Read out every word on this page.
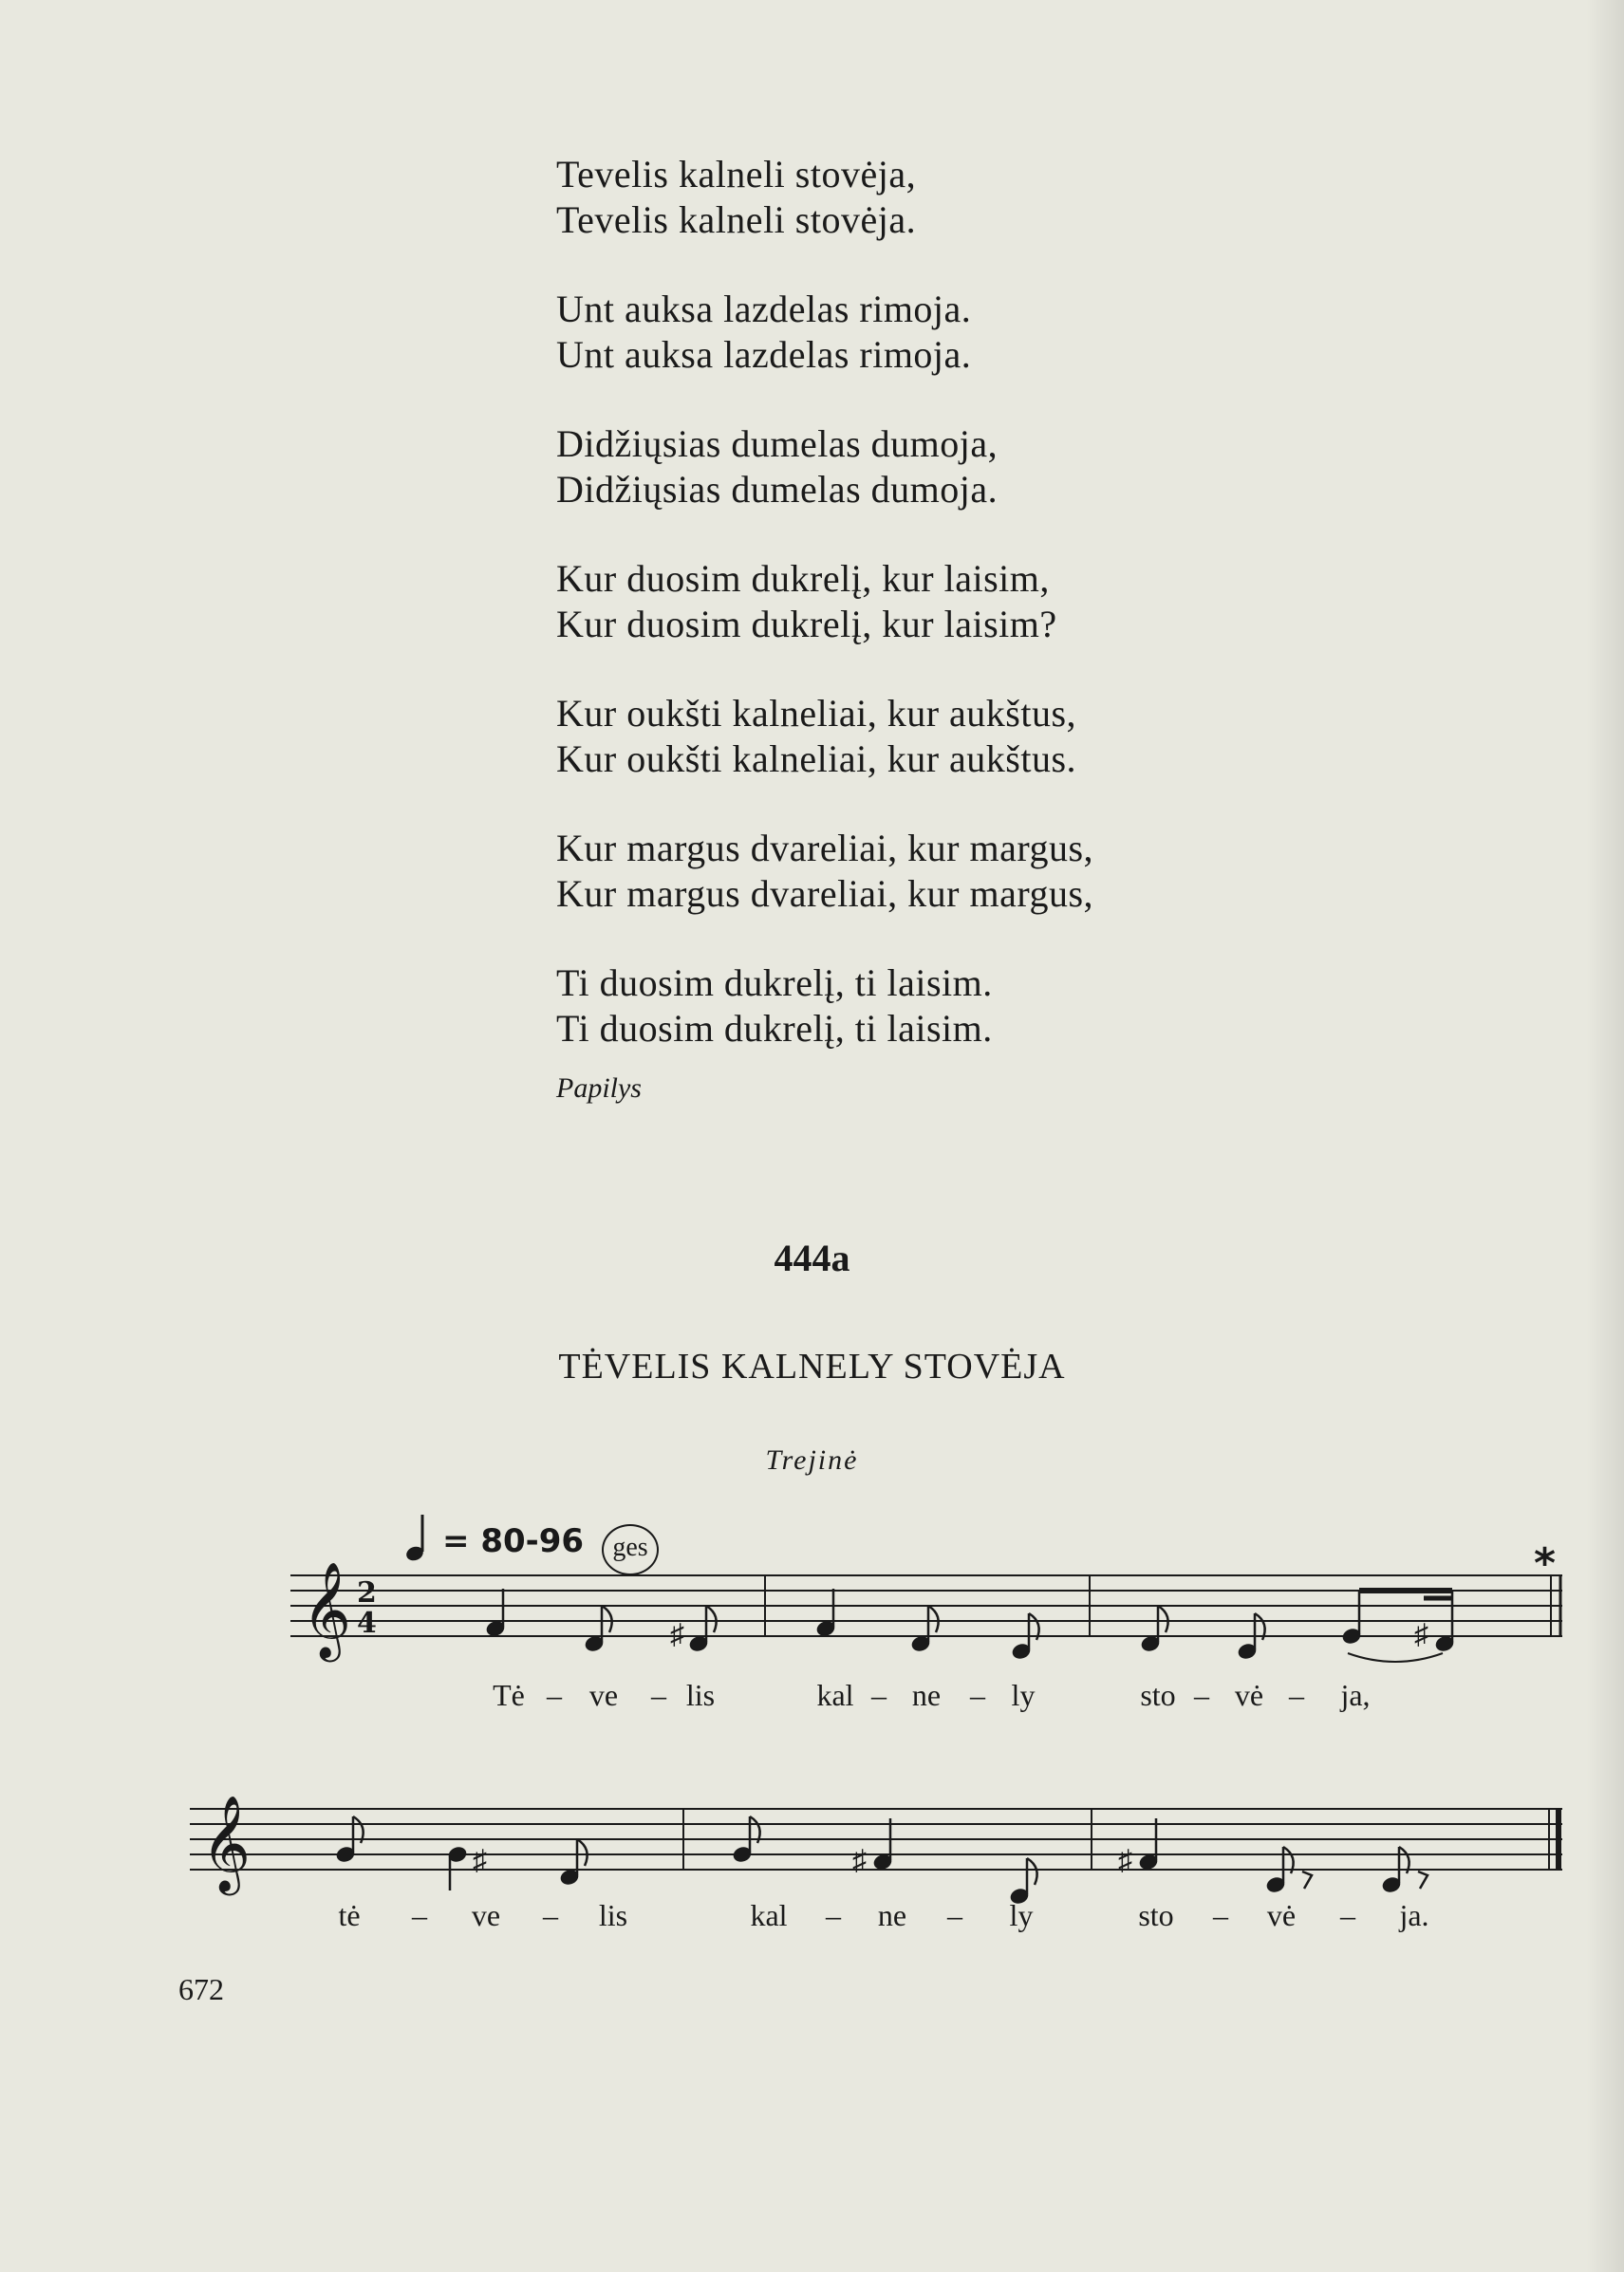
Tevelis kalneli stovėja,
Tevelis kalneli stovėja.
Unt auksa lazdelas rimoja.
Unt auksa lazdelas rimoja.
Didžiųsias dumelas dumoja,
Didžiųsias dumelas dumoja.
Kur duosim dukrelį, kur laisim,
Kur duosim dukrelį, kur laisim?
Kur oukšti kalneliai, kur aukštus,
Kur oukšti kalneliai, kur aukštus.
Kur margus dvareliai, kur margus,
Kur margus dvareliai, kur margus,
Ti duosim dukrelį, ti laisim.
Ti duosim dukrelį, ti laisim.
Papilys
444a
TĖVELIS KALNELY STOVĖJA
Trejinė
= 80-96	ges	*
𝄞 2
4	♯	♯
Tė – ve – lis	kal – ne – ly	sto – vė – ja,
𝄞	♯	♯	♯
tė – ve – lis	kal – ne – ly	sto – vė – ja.
672
